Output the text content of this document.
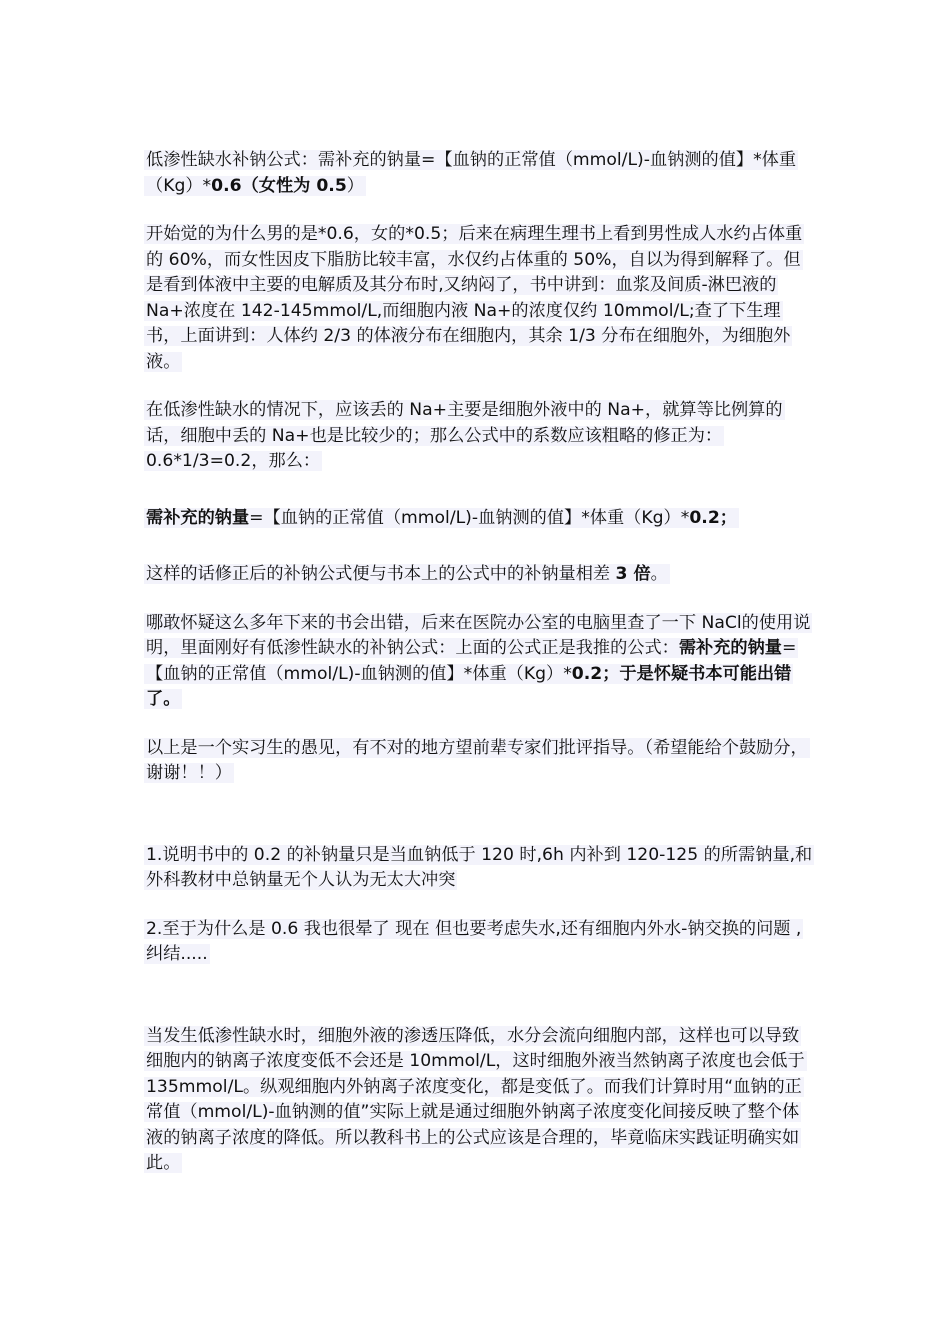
低渗性缺水补钠公式：需补充的钠量=【血钠的正常值（mmol/L)-血钠测的值】*体重（Kg）*0.6（女性为 0.5）

开始觉的为什么男的是*0.6，女的*0.5；后来在病理生理书上看到男性成人水约占体重的 60%，而女性因皮下脂肪比较丰富，水仅约占体重的 50%，自以为得到解释了。但是看到体液中主要的电解质及其分布时,又纳闷了，书中讲到：血浆及间质-淋巴液的 Na+浓度在 142-145mmol/L,而细胞内液 Na+的浓度仅约 10mmol/L;查了下生理书，上面讲到：人体约 2/3 的体液分布在细胞内，其余 1/3 分布在细胞外，为细胞外液。

在低渗性缺水的情况下，应该丢的 Na+主要是细胞外液中的 Na+，就算等比例算的话，细胞中丢的 Na+也是比较少的；那么公式中的系数应该粗略的修正为：0.6*1/3=0.2，那么：

需补充的钠量=【血钠的正常值（mmol/L)-血钠测的值】*体重（Kg）*0.2；

这样的话修正后的补钠公式便与书本上的公式中的补钠量相差 3 倍。

哪敢怀疑这么多年下来的书会出错，后来在医院办公室的电脑里查了一下 NaCl的使用说明，里面刚好有低渗性缺水的补钠公式：上面的公式正是我推的公式：需补充的钠量=【血钠的正常值（mmol/L)-血钠测的值】*体重（Kg）*0.2；于是怀疑书本可能出错了。

以上是一个实习生的愚见，有不对的地方望前辈专家们批评指导。（希望能给个鼓励分，谢谢！！）

1.说明书中的 0.2 的补钠量只是当血钠低于 120 时,6h 内补到 120-125 的所需钠量,和外科教材中总钠量无个人认为无太大冲突

2.至于为什么是 0.6 我也很晕了 现在 但也要考虑失水,还有细胞内外水-钠交换的问题 ,纠结.....

当发生低渗性缺水时，细胞外液的渗透压降低，水分会流向细胞内部，这样也可以导致细胞内的钠离子浓度变低不会还是 10mmol/L，这时细胞外液当然钠离子浓度也会低于 135mmol/L。纵观细胞内外钠离子浓度变化，都是变低了。而我们计算时用“血钠的正常值（mmol/L)-血钠测的值”实际上就是通过细胞外钠离子浓度变化间接反映了整个体液的钠离子浓度的降低。所以教科书上的公式应该是合理的，毕竟临床实践证明确实如此。
